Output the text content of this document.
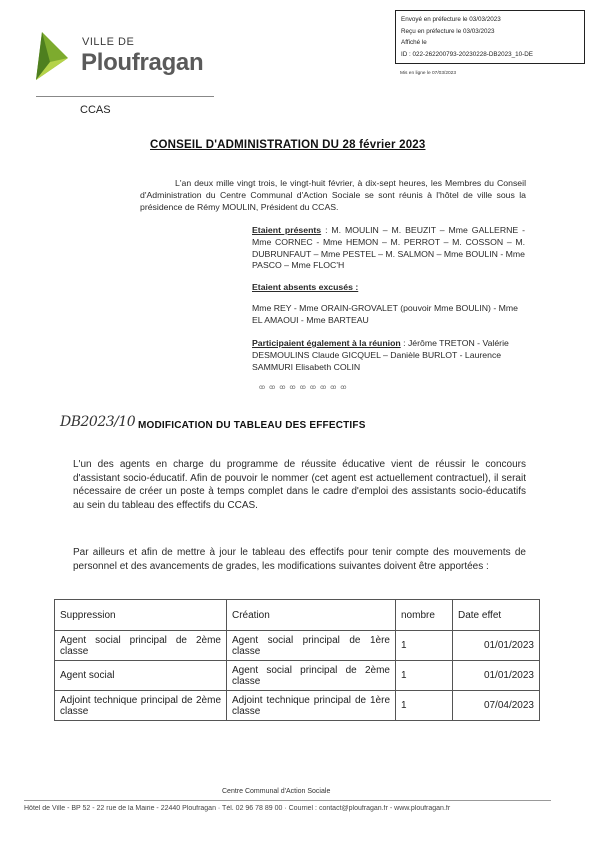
VILLE DE
Ploufragan
CCAS
Envoyé en préfecture le 03/03/2023
Reçu en préfecture le 03/03/2023
Affiché le
ID : 022-262200793-20230228-DB2023_10-DE
Mis en ligne le 07/03/2023
CONSEIL D'ADMINISTRATION DU 28 février 2023
L'an deux mille vingt trois, le vingt-huit février, à dix-sept heures, les Membres du Conseil d'Administration du Centre Communal d'Action Sociale se sont réunis à l'hôtel de ville sous la présidence de Rémy MOULIN, Président du CCAS.
Etaient présents : M. MOULIN – M. BEUZIT – Mme GALLERNE - Mme CORNEC - Mme HEMON – M. PERROT – M. COSSON – M. DUBRUNFAUT – Mme PESTEL – M. SALMON – Mme BOULIN - Mme PASCO – Mme FLOC'H
Etaient absents excusés :
Mme REY - Mme ORAIN-GROVALET (pouvoir Mme BOULIN) - Mme EL AMAOUI - Mme BARTEAU
Participaient également à la réunion : Jérôme TRETON - Valérie DESMOULINS Claude GICQUEL – Danièle BURLOT - Laurence SAMMURI Elisabeth COLIN
ꝏ ꝏ ꝏ ꝏ ꝏ ꝏ ꝏ ꝏ ꝏ
DB2023/10 MODIFICATION DU TABLEAU DES EFFECTIFS
L'un des agents en charge du programme de réussite éducative vient de réussir le concours d'assistant socio-éducatif. Afin de pouvoir le nommer (cet agent est actuellement contractuel), il serait nécessaire de créer un poste à temps complet dans le cadre d'emploi des assistants socio-éducatifs au sein du tableau des effectifs du CCAS.
Par ailleurs et afin de mettre à jour le tableau des effectifs pour tenir compte des mouvements de personnel et des avancements de grades, les modifications suivantes doivent être apportées :
Suppression	Création	nombre	Date effet
Agent social principal de 2ème classe	Agent social principal de 1ère classe	1	01/01/2023
Agent social	Agent social principal de 2ème classe	1	01/01/2023
Adjoint technique principal de 2ème classe	Adjoint technique principal de 1ère classe	1	07/04/2023
Centre Communal d'Action Sociale
Hôtel de Ville - BP 52 - 22 rue de la Mairie - 22440 Ploufragan · Tél. 02 96 78 89 00 · Courriel : contact@ploufragan.fr - www.ploufragan.fr
